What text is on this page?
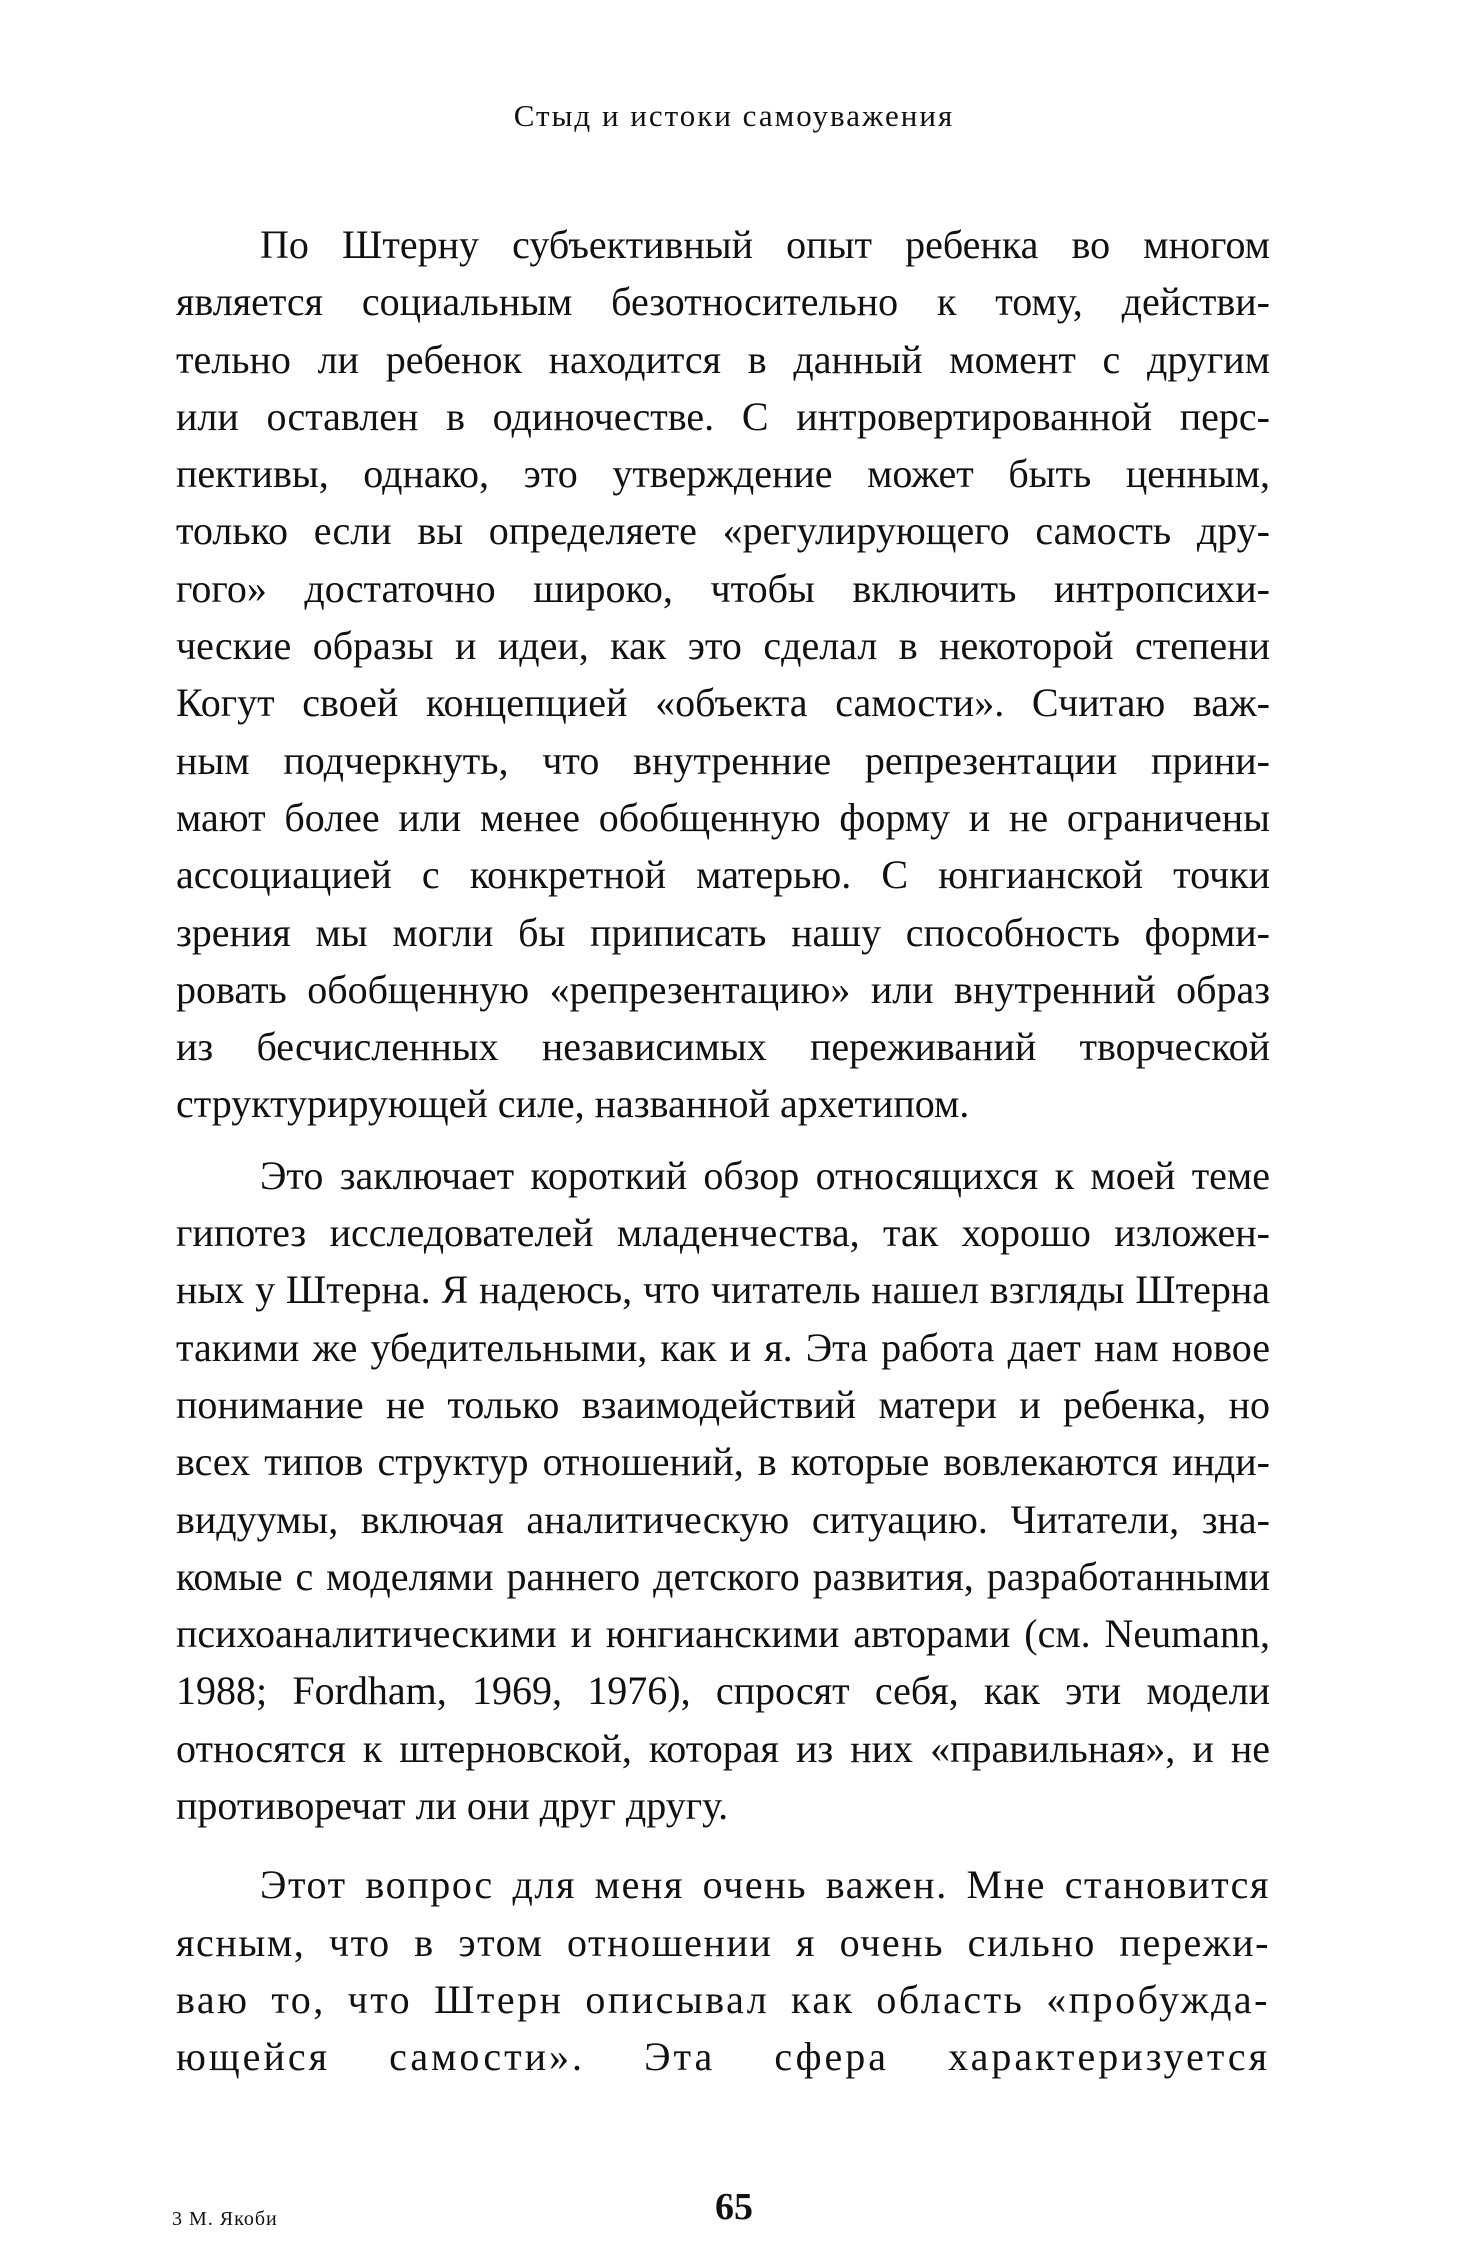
Стыд и истоки самоуважения

По Штерну субъективный опыт ребенка во многом
является социальным безотносительно к тому, действи-
тельно ли ребенок находится в данный момент с другим
или оставлен в одиночестве. С интровертированной перс-
пективы, однако, это утверждение может быть ценным,
только если вы определяете «регулирующего самость дру-
гого» достаточно широко, чтобы включить интропсихи-
ческие образы и идеи, как это сделал в некоторой степени
Когут своей концепцией «объекта самости». Считаю важ-
ным подчеркнуть, что внутренние репрезентации прини-
мают более или менее обобщенную форму и не ограничены
ассоциацией с конкретной матерью. С юнгианской точки
зрения мы могли бы приписать нашу способность форми-
ровать обобщенную «репрезентацию» или внутренний образ
из бесчисленных независимых переживаний творческой
структурирующей силе, названной архетипом.

Это заключает короткий обзор относящихся к моей теме
гипотез исследователей младенчества, так хорошо изложен-
ных у Штерна. Я надеюсь, что читатель нашел взгляды Штерна
такими же убедительными, как и я. Эта работа дает нам новое
понимание не только взаимодействий матери и ребенка, но
всех типов структур отношений, в которые вовлекаются инди-
видуумы, включая аналитическую ситуацию. Читатели, зна-
комые с моделями раннего детского развития, разработанными
психоаналитическими и юнгианскими авторами (см. Neumann,
1988; Fordham, 1969, 1976), спросят себя, как эти модели
относятся к штерновской, которая из них «правильная», и не
противоречат ли они друг другу.

Этот вопрос для меня очень важен. Мне становится
ясным, что в этом отношении я очень сильно пережи-
ваю то, что Штерн описывал как область «пробужда-
ющейся самости». Эта сфера характеризуется

3 М. Якоби	65
